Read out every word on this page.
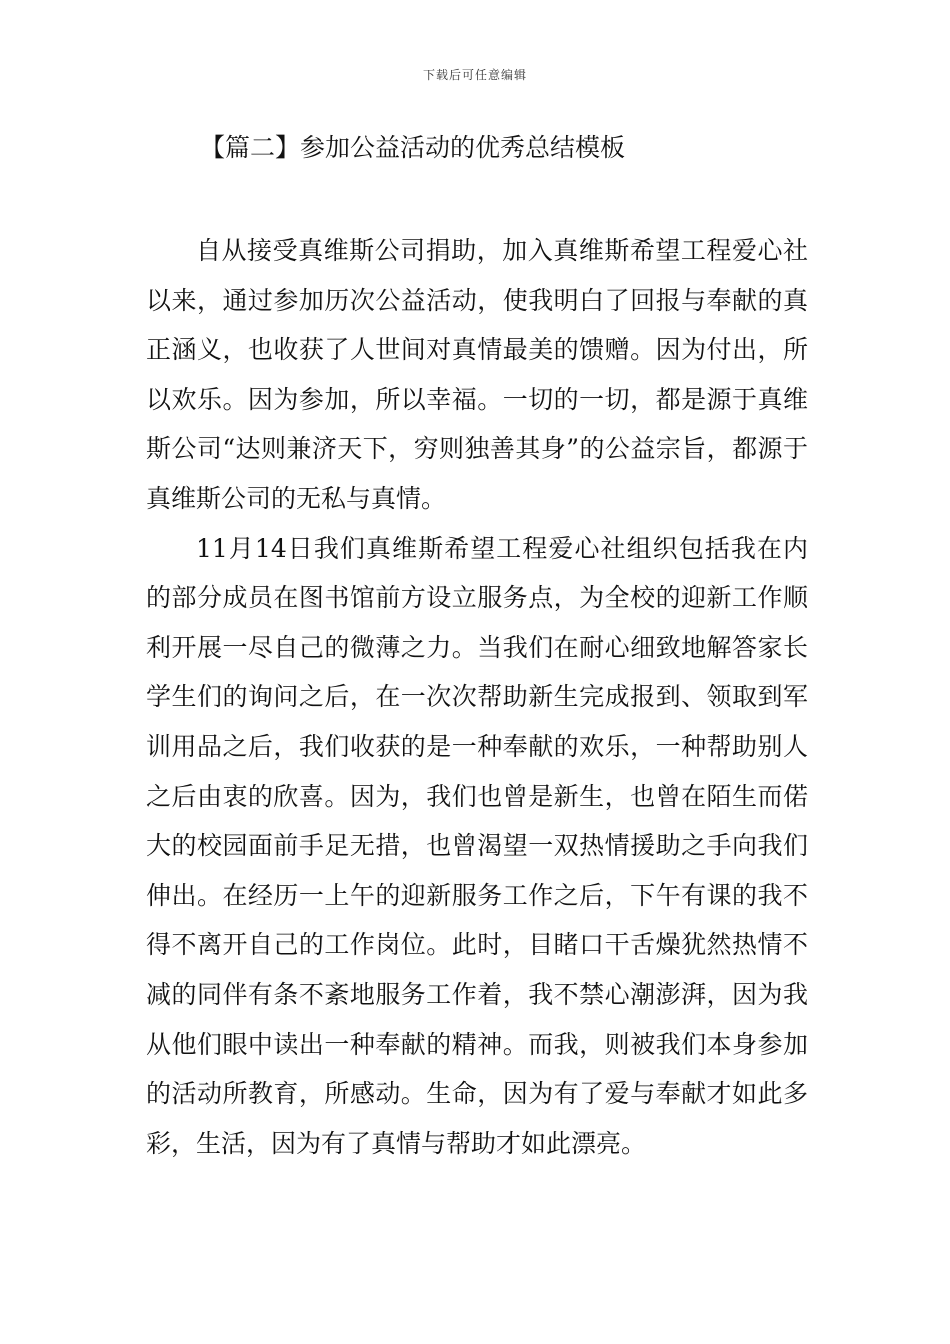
下载后可任意编辑
【篇二】参加公益活动的优秀总结模板

自从接受真维斯公司捐助，加入真维斯希望工程爱心社以来，通过参加历次公益活动，使我明白了回报与奉献的真正涵义，也收获了人世间对真情最美的馈赠。因为付出，所以欢乐。因为参加，所以幸福。一切的一切，都是源于真维斯公司“达则兼济天下，穷则独善其身”的公益宗旨，都源于真维斯公司的无私与真情。

11月14日我们真维斯希望工程爱心社组织包括我在内的部分成员在图书馆前方设立服务点，为全校的迎新工作顺利开展一尽自己的微薄之力。当我们在耐心细致地解答家长学生们的询问之后，在一次次帮助新生完成报到、领取到军训用品之后，我们收获的是一种奉献的欢乐，一种帮助别人之后由衷的欣喜。因为，我们也曾是新生，也曾在陌生而偌大的校园面前手足无措，也曾渴望一双热情援助之手向我们伸出。在经历一上午的迎新服务工作之后，下午有课的我不得不离开自己的工作岗位。此时，目睹口干舌燥犹然热情不减的同伴有条不紊地服务工作着，我不禁心潮澎湃，因为我从他们眼中读出一种奉献的精神。而我，则被我们本身参加的活动所教育，所感动。生命，因为有了爱与奉献才如此多彩，生活，因为有了真情与帮助才如此漂亮。
